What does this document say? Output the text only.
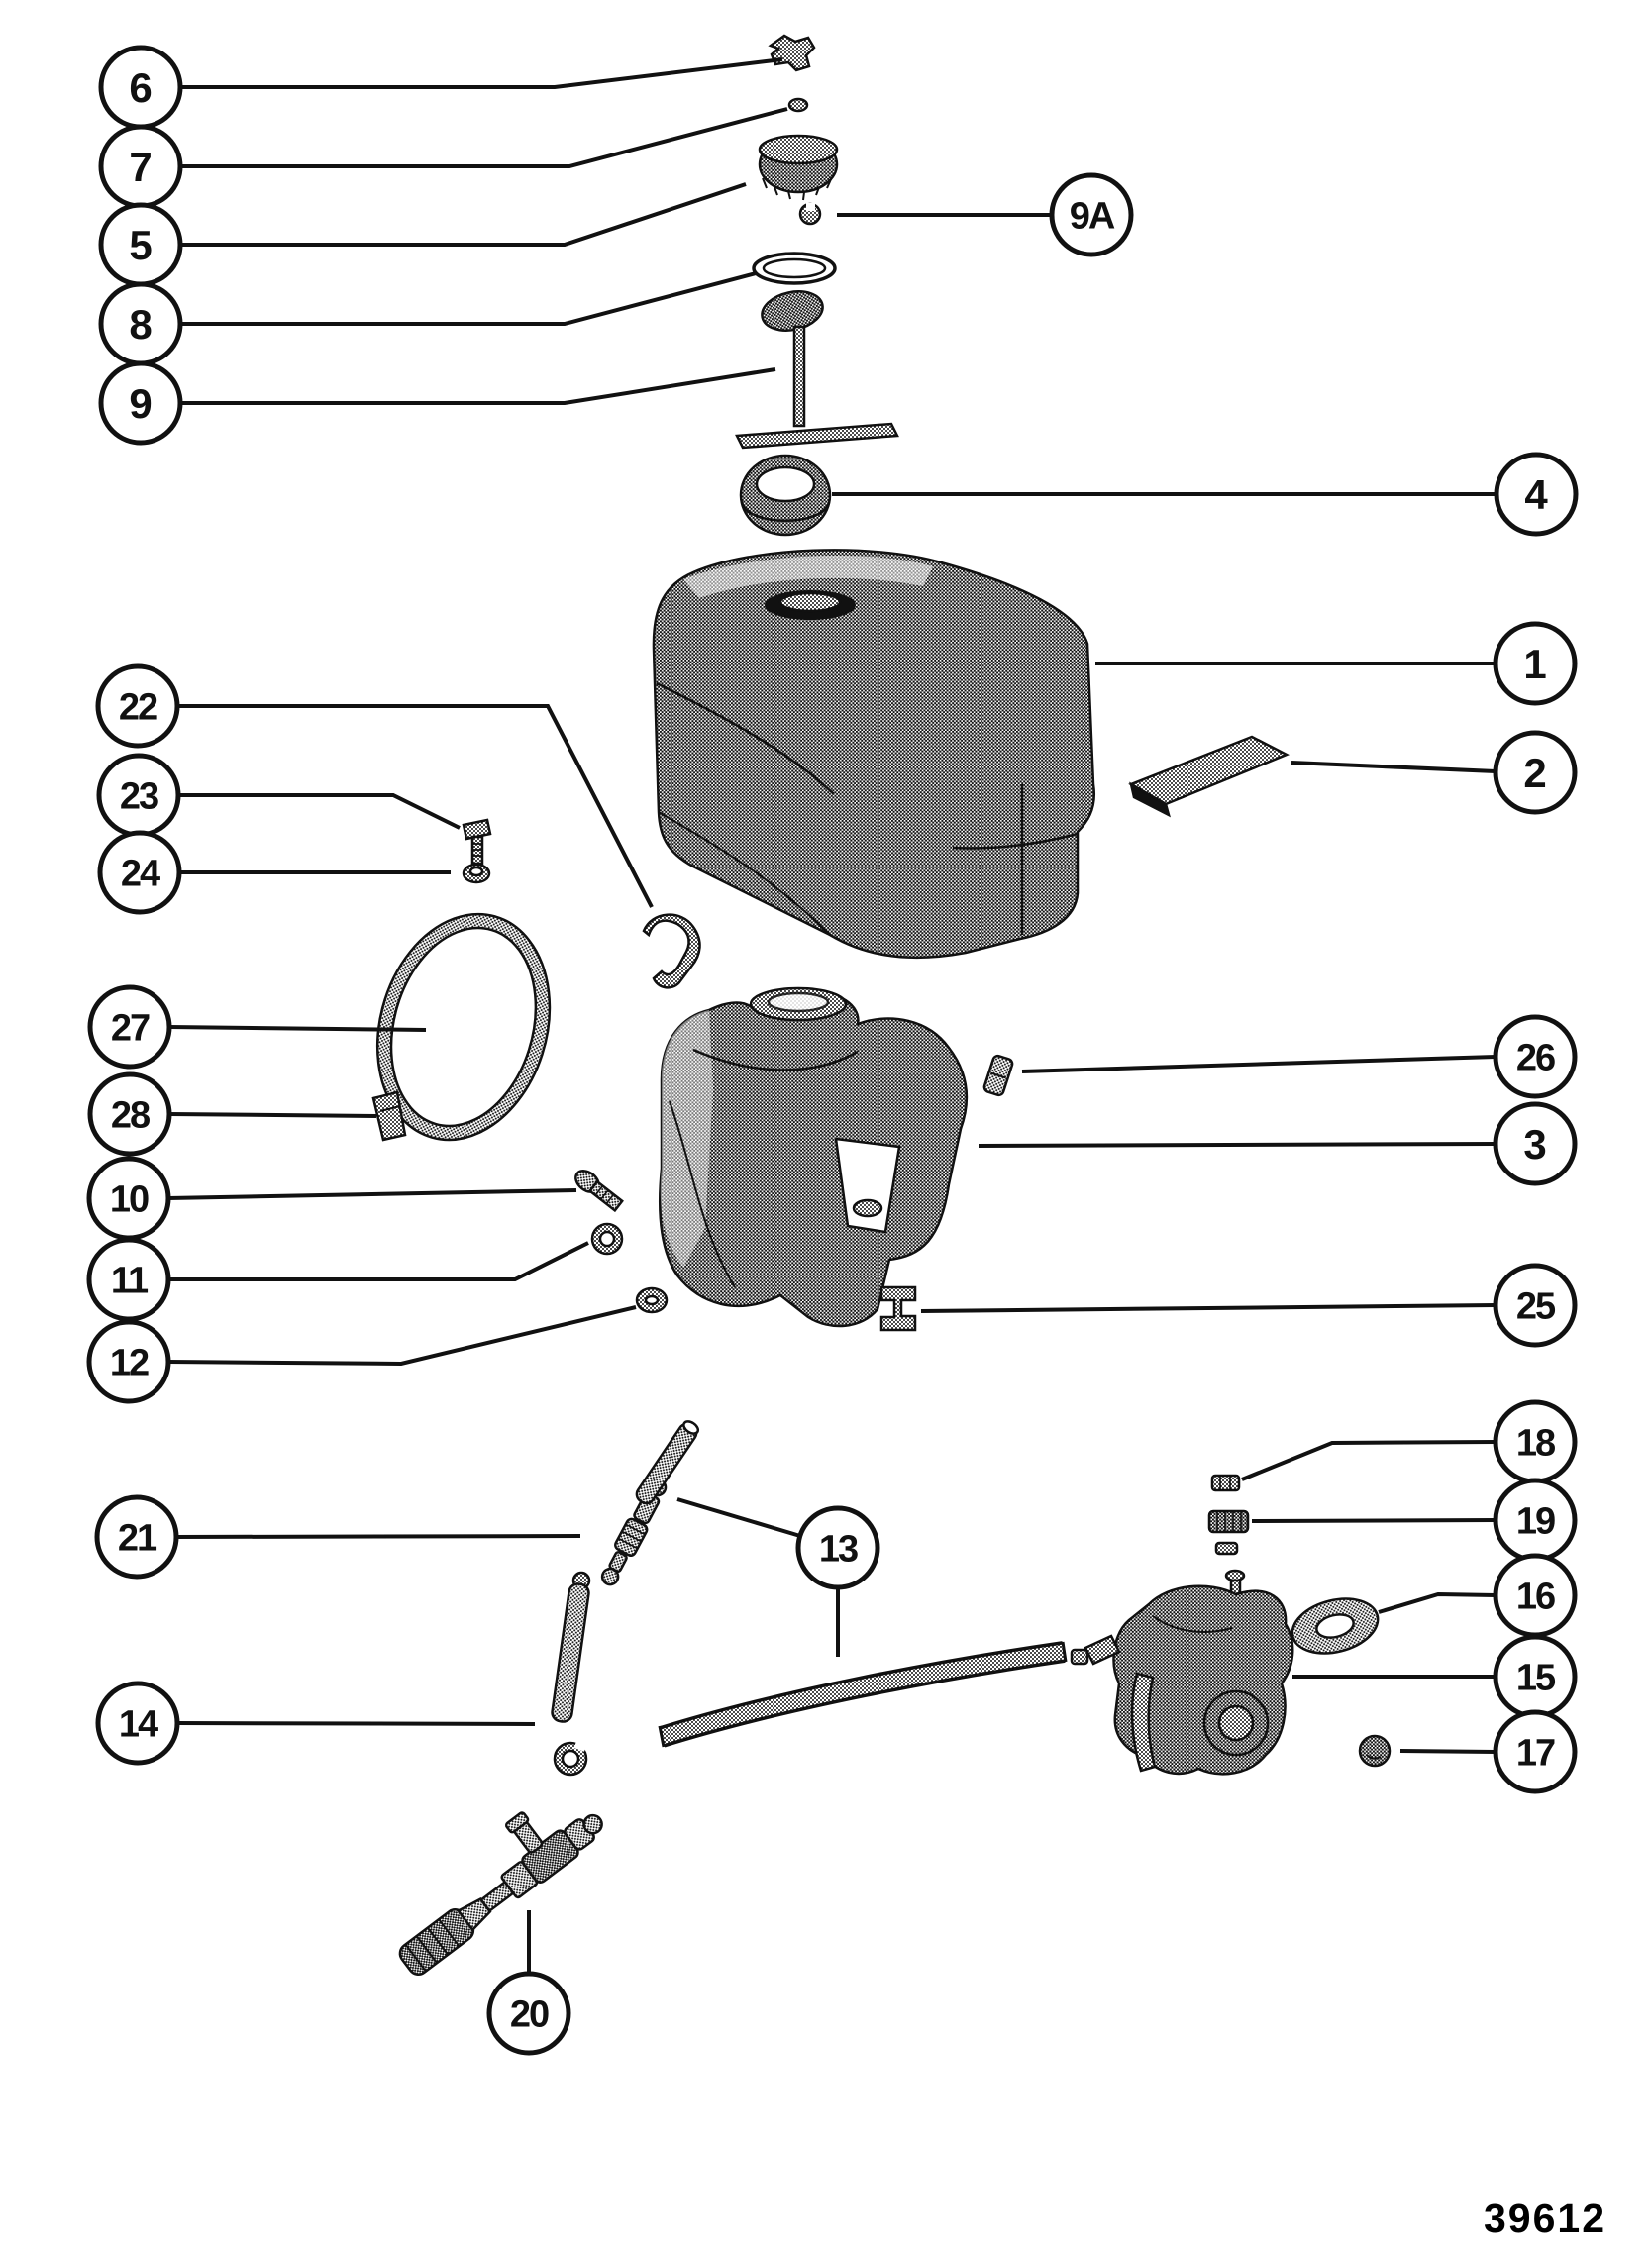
6
7
5
8
9
9A
4
1
2
22
23
24
27
28
10
11
12
26
3
25
18
19
16
15
17
21
14
13
20
39612
